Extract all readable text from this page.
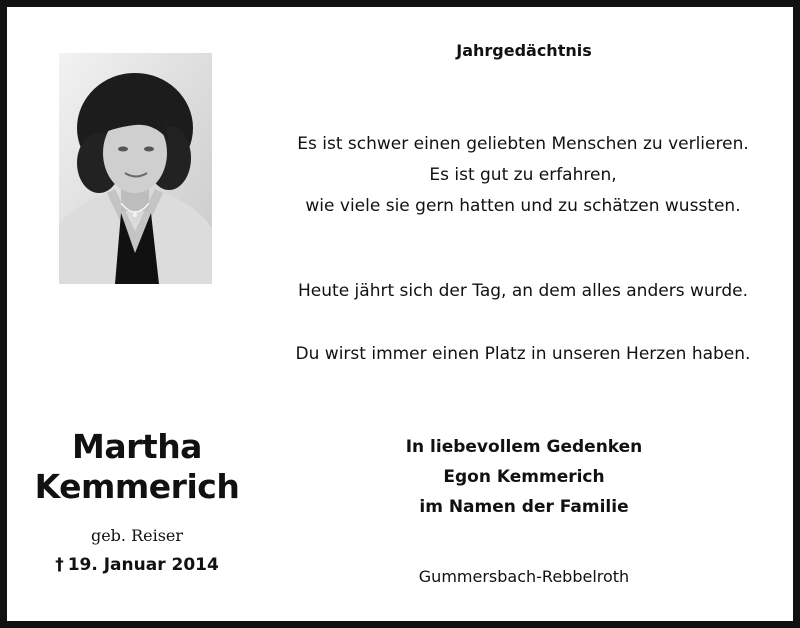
Jahrgedächtnis
Es ist schwer einen geliebten Menschen zu verlieren.
Es ist gut zu erfahren,
wie viele sie gern hatten und zu schätzen wussten.
Heute jährt sich der Tag, an dem alles anders wurde.
Du wirst immer einen Platz in unseren Herzen haben.
Martha
Kemmerich
geb. Reiser
† 19. Januar 2014
In liebevollem Gedenken
Egon Kemmerich
im Namen der Familie
Gummersbach-Rebbelroth
